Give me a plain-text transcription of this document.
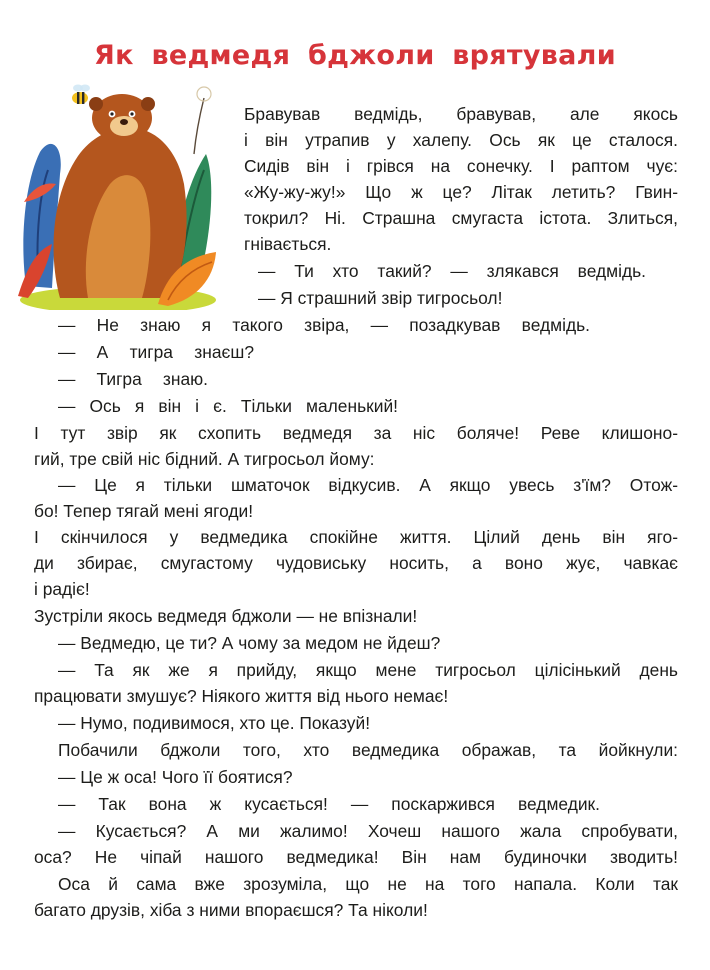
Як ведмедя бджоли врятували
Бравував ведмідь, бравував, але якось
і він утрапив у халепу. Ось як це сталося.
Сидів він і грівся на сонечку. І раптом чує:
«Жу-жу-жу!» Що ж це? Літак летить? Гвин-
токрил? Ні. Страшна смугаста істота. Злиться,
гнівається.
— Ти хто такий? — злякався ведмідь.
— Я страшний звір тигросьол!
— Не знаю я такого звіра, — позадкував ведмідь.
— А тигра знаєш?
— Тигра знаю.
— Ось я він і є. Тільки маленький!
І тут звір як схопить ведмедя за ніс боляче! Реве клишоно-
гий, тре свій ніс бідний. А тигросьол йому:
— Це я тільки шматочок відкусив. А якщо увесь з'їм? Отож-
бо! Тепер тягай мені ягоди!
І скінчилося у ведмедика спокійне життя. Цілий день він яго-
ди збирає, смугастому чудовиську носить, а воно жує, чавкає
і радіє!
Зустріли якось ведмедя бджоли — не впізнали!
— Ведмедю, це ти? А чому за медом не йдеш?
— Та як же я прийду, якщо мене тигросьол цілісінький день
працювати змушує? Ніякого життя від нього немає!
— Нумо, подивимося, хто це. Показуй!
Побачили бджоли того, хто ведмедика ображав, та йойкнули:
— Це ж оса! Чого її боятися?
— Так вона ж кусається! — поскаржився ведмедик.
— Кусається? А ми жалимо! Хочеш нашого жала спробувати,
оса? Не чіпай нашого ведмедика! Він нам будиночки зводить!
Оса й сама вже зрозуміла, що не на того напала. Коли так
багато друзів, хіба з ними впораєшся? Та ніколи!
